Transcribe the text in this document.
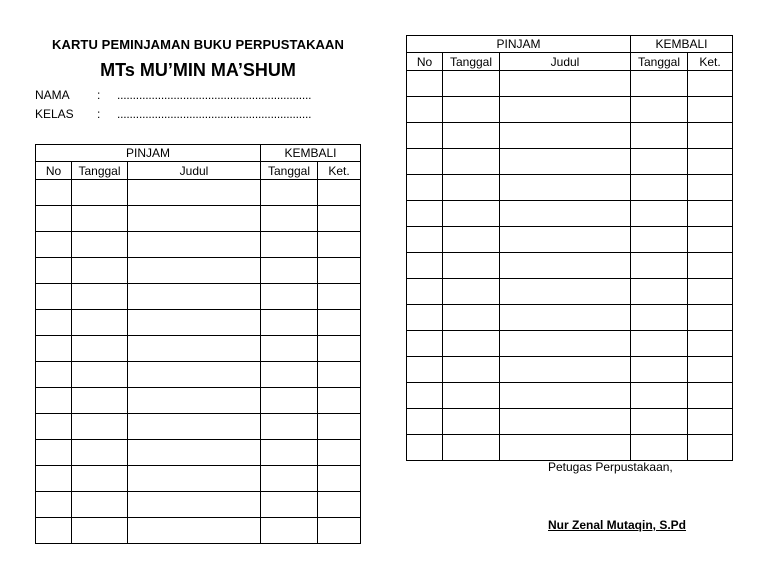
KARTU PEMINJAMAN BUKU PERPUSTAKAAN
MTs MU’MIN MA’SHUM
NAMA : ..............................................................
KELAS : ..............................................................
PINJAM			KEMBALI	
No	Tanggal	Judul	Tanggal	Ket.

PINJAM			KEMBALI	
No	Tanggal	Judul	Tanggal	Ket.

Petugas Perpustakaan,
Nur Zenal Mutaqin, S.Pd
